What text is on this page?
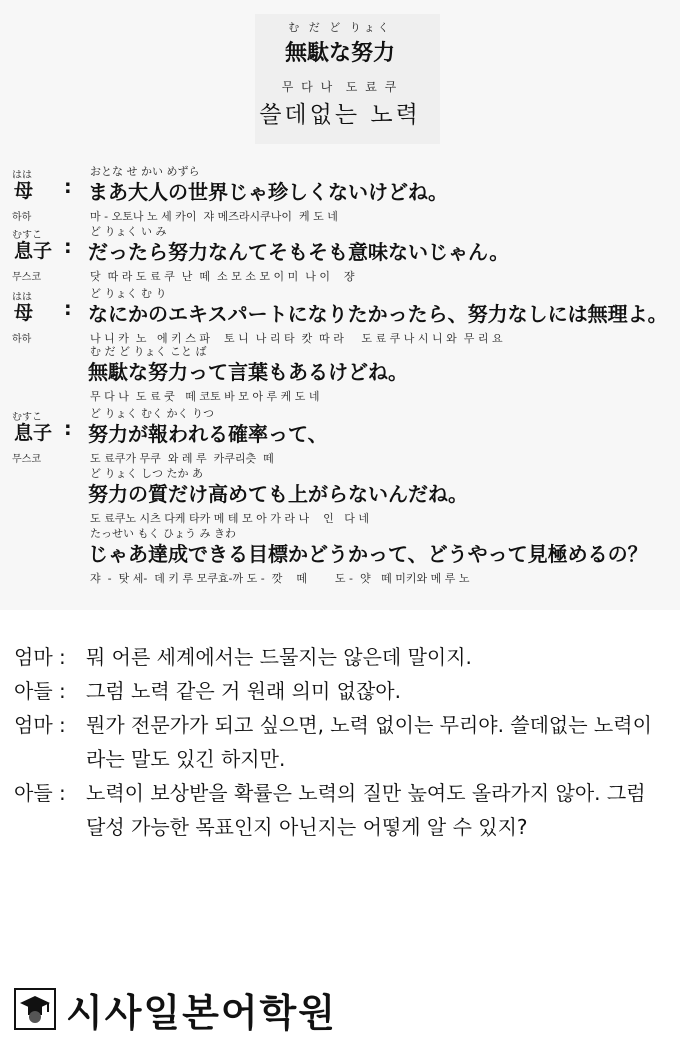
む だ ど りょく
無駄な努力
무 다 나  도 료 쿠
쓸데없는 노력
はは
母
하하
:
おとな せ かい めずら
まあ大人の世界じゃ珍しくないけどね。
마 - 오토나 노 세 카이  쟈 메즈라시쿠나이  케 도 네
むすこ
息子
무스코
:
ど りょく い み
だったら努力なんてそもそも意味ないじゃん。
닷  따 라 도 료 쿠  난  떼  소 모 소 모 이 미  나 이    쟝
はは
母
하하
:
ど りょく む り
なにかのエキスパートになりたかったら、努力なしには無理よ。
나 니 카  노   에 키 스 파    토 니  나 리 타  캇  따 라     도 료 쿠 나 시 니 와  무 리 요
む だ ど りょく こと ば
無駄な努力って言葉もあるけどね。
무 다 나  도 료 쿳   떼 코토 바 모 아 루 케 도 네
むすこ
息子
무스코
:
ど りょく むく かく りつ
努力が報われる確率って、
도 료쿠가 무쿠  와 레 루  카쿠리츳  떼
ど りょく しつ たか あ
努力の質だけ高めても上がらないんだね。
도 료쿠노 시츠 다케 타카 메 테 모 아 가 라 나    인   다 네
たっせい もく ひょう み きわ
じゃあ達成できる目標かどうかって、どうやって見極めるの？
쟈  -  탓 세-  데 키 루 모쿠효-까 도 -  깟    떼        도 -  얏   떼 미키와 메 루 노
엄마 :	뭐 어른 세계에서는 드물지는 않은데 말이지.
아들 :	그럼 노력 같은 거 원래 의미 없잖아.
엄마 :	뭔가 전문가가 되고 싶으면, 노력 없이는 무리야. 쓸데없는 노력이라는 말도 있긴 하지만.
아들 :	노력이 보상받을 확률은 노력의 질만 높여도 올라가지 않아. 그럼 달성 가능한 목표인지 아닌지는 어떻게 알 수 있지?
시사일본어학원
